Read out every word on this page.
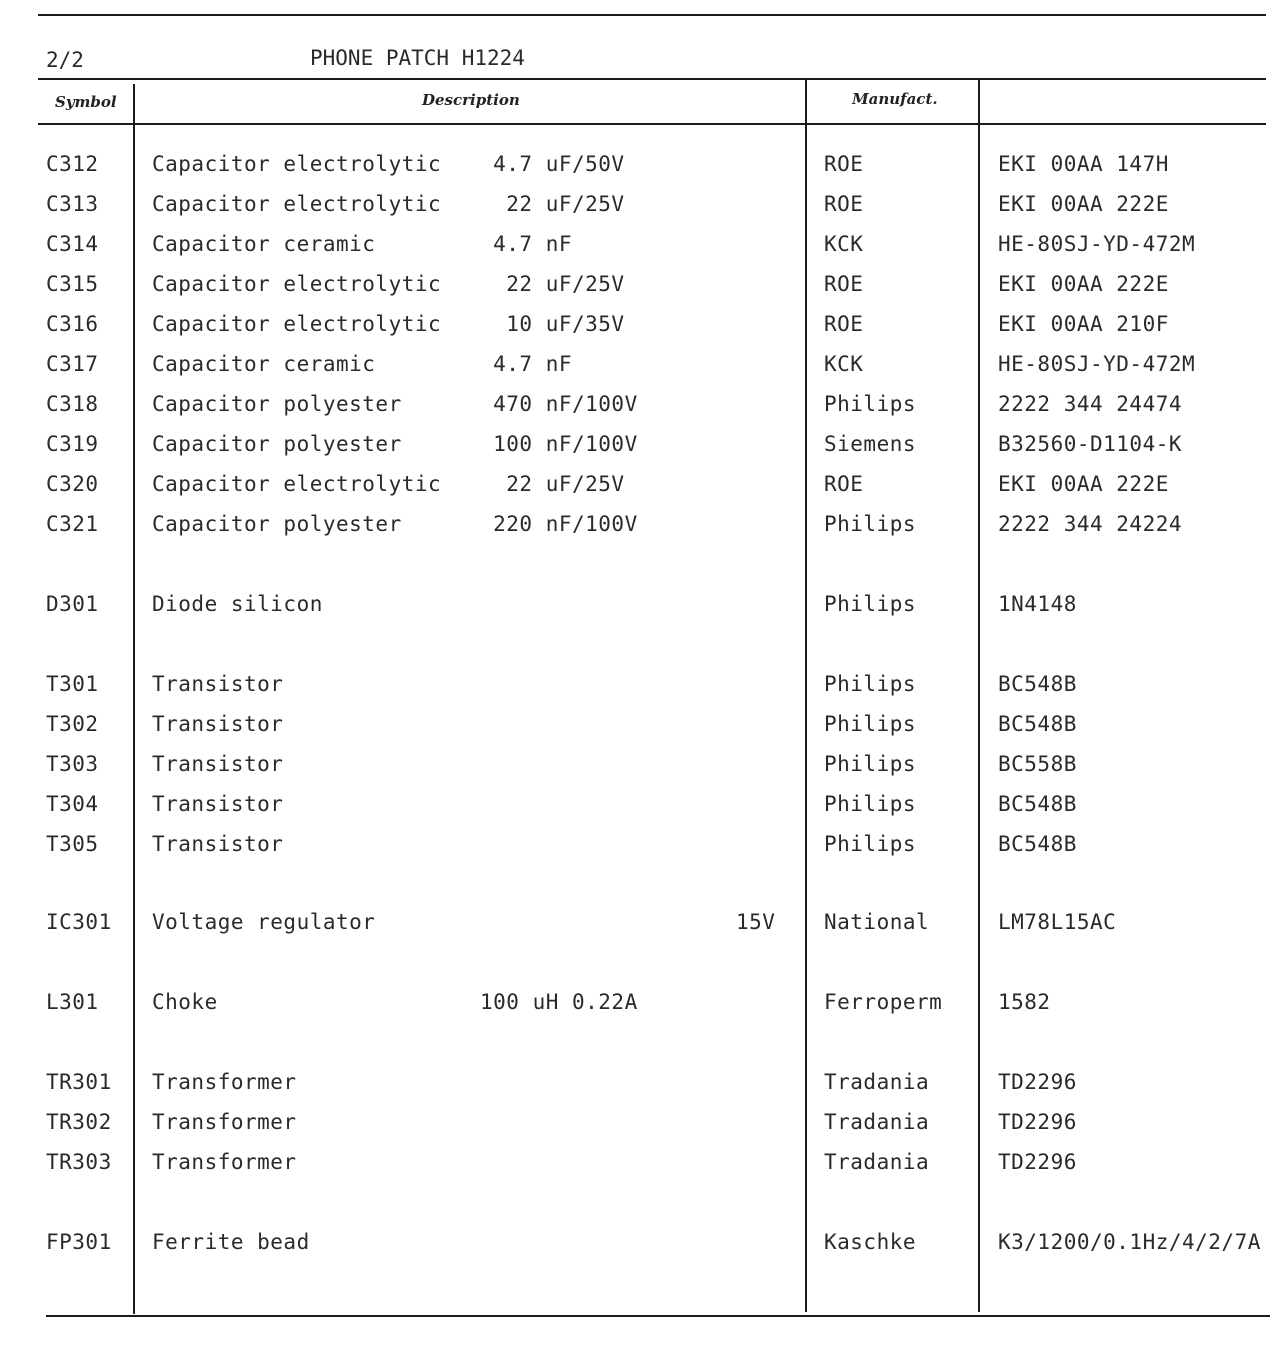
2/2	PHONE PATCH H1224
Symbol	Description	Manufact.
C312	Capacitor electrolytic 4.7 uF/50V	ROE	EKI 00AA 147H
C313	Capacitor electrolytic 22 uF/25V	ROE	EKI 00AA 222E
C314	Capacitor ceramic	4.7 nF	KCK	HE-80SJ-YD-472M
C315	Capacitor electrolytic 22 uF/25V	ROE	EKI 00AA 222E
C316	Capacitor electrolytic 10 uF/35V	ROE	EKI 00AA 210F
C317	Capacitor ceramic	4.7 nF	KCK	HE-80SJ-YD-472M
C318	Capacitor polyester	470 nF/100V	Philips	2222 344 24474
C319	Capacitor polyester	100 nF/100V	Siemens	B32560-D1104-K
C320	Capacitor electrolytic 22 uF/25V	ROE	EKI 00AA 222E
C321	Capacitor polyester	220 nF/100V	Philips	2222 344 24224
D301	Diode silicon	Philips	1N4148
T301	Transistor	Philips	BC548B
T302	Transistor	Philips	BC548B
T303	Transistor	Philips	BC558B
T304	Transistor	Philips	BC548B
T305	Transistor	Philips	BC548B
IC301 Voltage regulator	15V National	LM78L15AC
L301	Choke	100 uH 0.22A	Ferroperm	1582
TR301 Transformer	Tradania	TD2296
TR302 Transformer	Tradania	TD2296
TR303 Transformer	Tradania	TD2296
FP301 Ferrite bead	Kaschke	K3/1200/0.1Hz/4/2/7A
